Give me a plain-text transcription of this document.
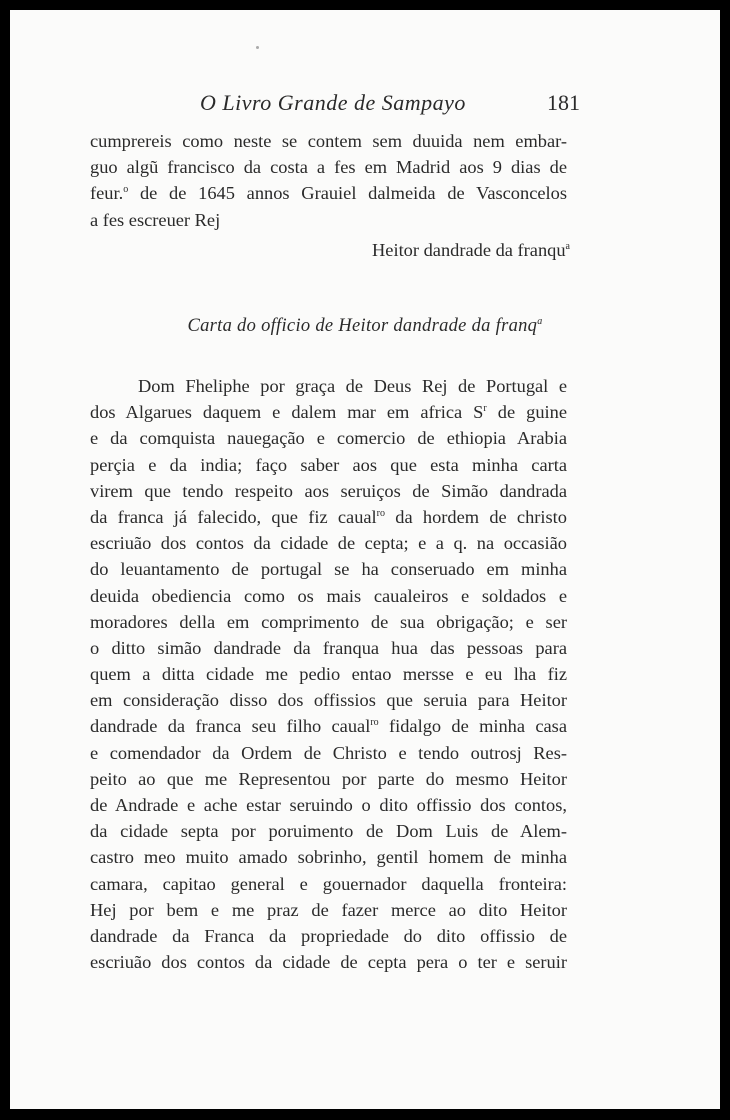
O Livro Grande de Sampayo	181
cumprereis como neste se contem sem duuida nem embar-
guo algũ francisco da costa a fes em Madrid aos 9 dias de
feur.$^o$ de de 1645 annos Grauiel dalmeida de Vasconcelos
a fes escreuer Rej
Heitor dandrade da franqu$^a$
Carta do officio de Heitor dandrade da franq$^a$
Dom Fheliphe por graça de Deus Rej de Portugal e
dos Algarues daquem e dalem mar em africa $S^r$ de guine
e da comquista nauegação e comercio de ethiopia Arabia
perçia e da india; faço saber aos que esta minha carta
virem que tendo respeito aos seruiços de Simão dandrada
da franca já falecido, que fiz caual$^{ro}$ da hordem de christo
escriuão dos contos da cidade de cepta; e a q. na occasião
do leuantamento de portugal se ha conseruado em minha
deuida obediencia como os mais caualeiros e soldados e
moradores della em comprimento de sua obrigação; e ser
o ditto simão dandrade da franqua hua das pessoas para
quem a ditta cidade me pedio entao mersse e eu lha fiz
em consideração disso dos offissios que seruia para Heitor
dandrade da franca seu filho caual$^{ro}$ fidalgo de minha casa
e comendador da Ordem de Christo e tendo outrosj Res-
peito ao que me Representou por parte do mesmo Heitor
de Andrade e ache estar seruindo o dito offissio dos contos,
da cidade septa por poruimento de Dom Luis de Alem-
castro meo muito amado sobrinho, gentil homem de minha
camara, capitao general e gouernador daquella fronteira:
Hej por bem e me praz de fazer merce ao dito Heitor
dandrade da Franca da propriedade do dito offissio de
escriuão dos contos da cidade de cepta pera o ter e seruir
